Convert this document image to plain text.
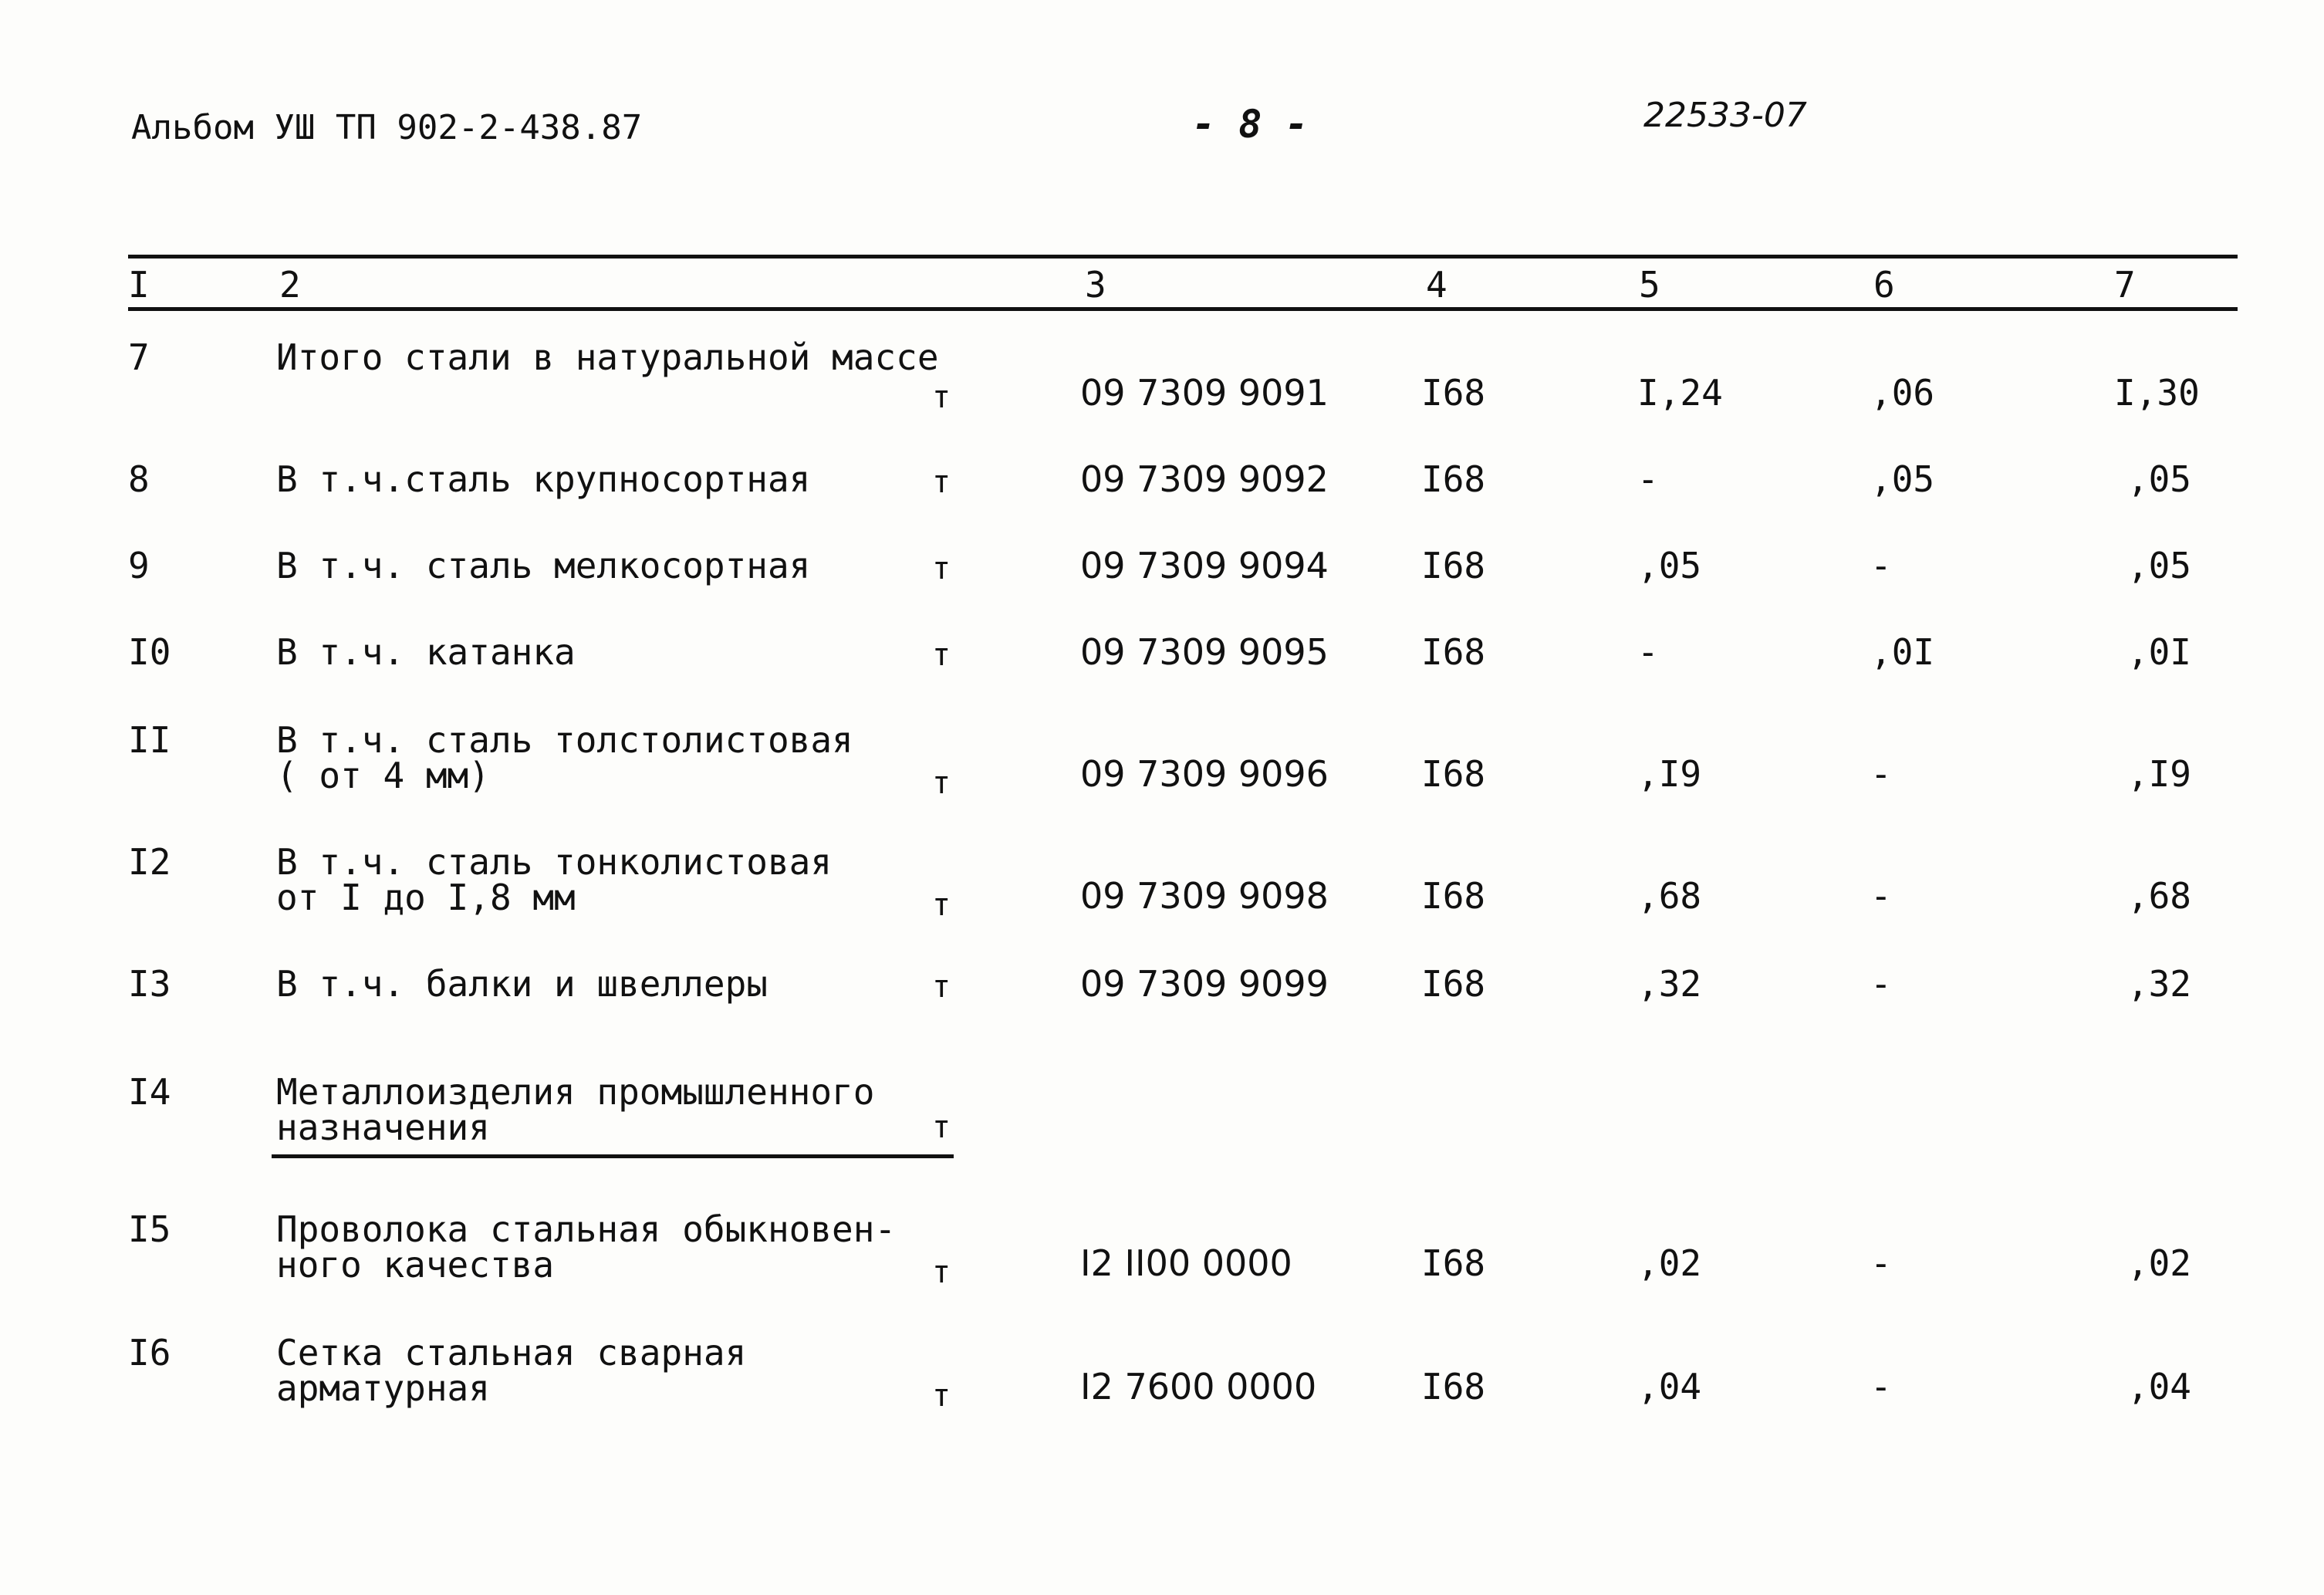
Альбом УШ ТП 902-2-438.87	- 8 -	22533-07
I	2	3	4	5	6	7
7	Итого стали в натуральной массе
т	09 7309 9091	I68	I,24	,06	I,30
8	В т.ч.сталь крупносортная	т	09 7309 9092	I68	-	,05	,05
9	В т.ч. сталь мелкосортная	т	09 7309 9094	I68	,05	-	,05
I0	В т.ч. катанка	т	09 7309 9095	I68	-	,0I	,0I
II	В т.ч. сталь толстолистовая
( от 4 мм)	т	09 7309 9096	I68	,I9	-	,I9
I2	В т.ч. сталь тонколистовая
от I до I,8 мм	т	09 7309 9098	I68	,68	-	,68
I3	В т.ч. балки и швеллеры	т	09 7309 9099	I68	,32	-	,32
I4	Металлоизделия промышленного
назначения	т
I5	Проволока стальная обыкновен-
ного качества	т	I2 II00 0000	I68	,02	-	,02
I6	Сетка стальная сварная
арматурная	т	I2 7600 0000	I68	,04	-	,04
